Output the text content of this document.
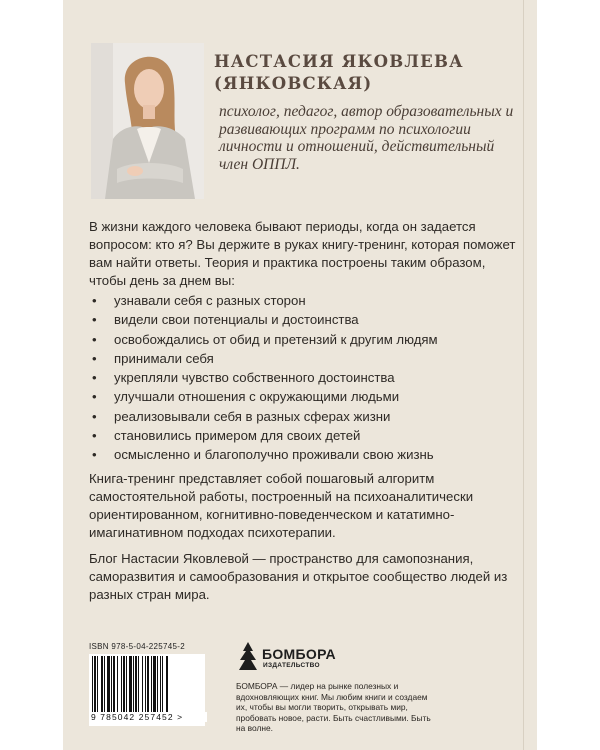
НАСТАСИЯ ЯКОВЛЕВА (ЯНКОВСКАЯ)
психолог, педагог, автор образовательных и развивающих программ по психологии личности и отношений, действительный член ОППЛ.
В жизни каждого человека бывают периоды, когда он задается вопросом: кто я? Вы держите в руках книгу-тренинг, которая поможет вам найти ответы. Теория и практика построены таким образом, чтобы день за днем вы:
• узнавали себя с разных сторон
• видели свои потенциалы и достоинства
• освобождались от обид и претензий к другим людям
• принимали себя
• укрепляли чувство собственного достоинства
• улучшали отношения с окружающими людьми
• реализовывали себя в разных сферах жизни
• становились примером для своих детей
• осмысленно и благополучно проживали свою жизнь
Книга-тренинг представляет собой пошаговый алгоритм самостоятельной работы, построенный на психоаналитически ориентированном, когнитивно-поведенческом и кататимно-имагинативном подходах психотерапии.
Блог Настасии Яковлевой — пространство для самопознания, саморазвития и самообразования и открытое сообщество людей из разных стран мира.
ISBN 978-5-04-225745-2
9 785042 257452 >
БОМБОРА
ИЗДАТЕЛЬСТВО
БОМБОРА — лидер на рынке полезных и вдохновляющих книг. Мы любим книги и создаем их, чтобы вы могли творить, открывать мир, пробовать новое, расти. Быть счастливыми. Быть на волне.
